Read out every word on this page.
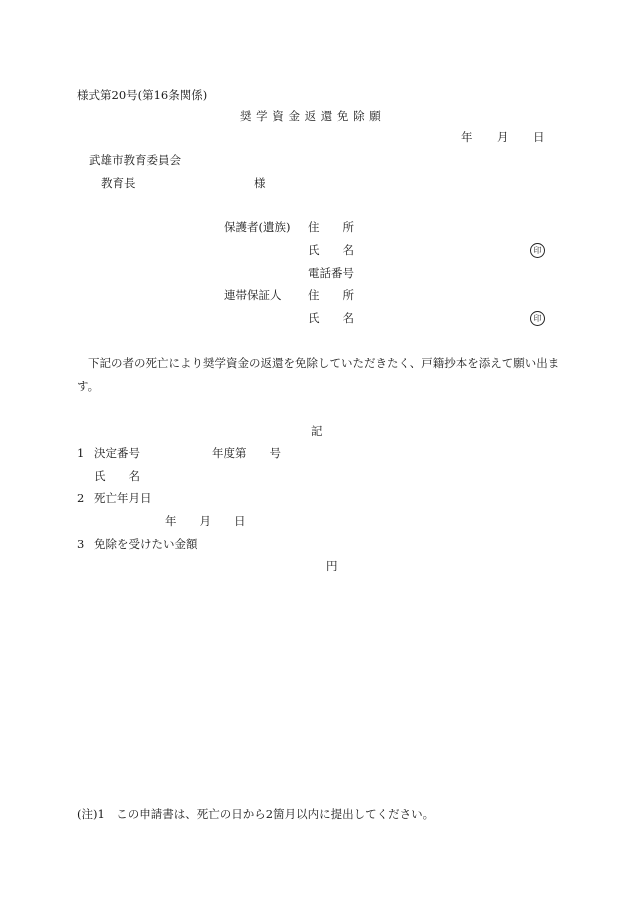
様式第20号(第16条関係)
奨 学 資 金 返 還 免 除 願
年 月 日
武雄市教育委員会
教育長	様
保護者(遺族) 住　　所
氏　　名	印
電話番号
連帯保証人 住　　所
氏　　名	印
下記の者の死亡により奨学資金の返還を免除していただきたく、戸籍抄本を添えて願い出ます。
記
1 決定番号	年度第　　号
氏　　名
2 死亡年月日
年　　月　　日
3 免除を受けたい金額
円
(注)1　この申請書は、死亡の日から2箇月以内に提出してください。
